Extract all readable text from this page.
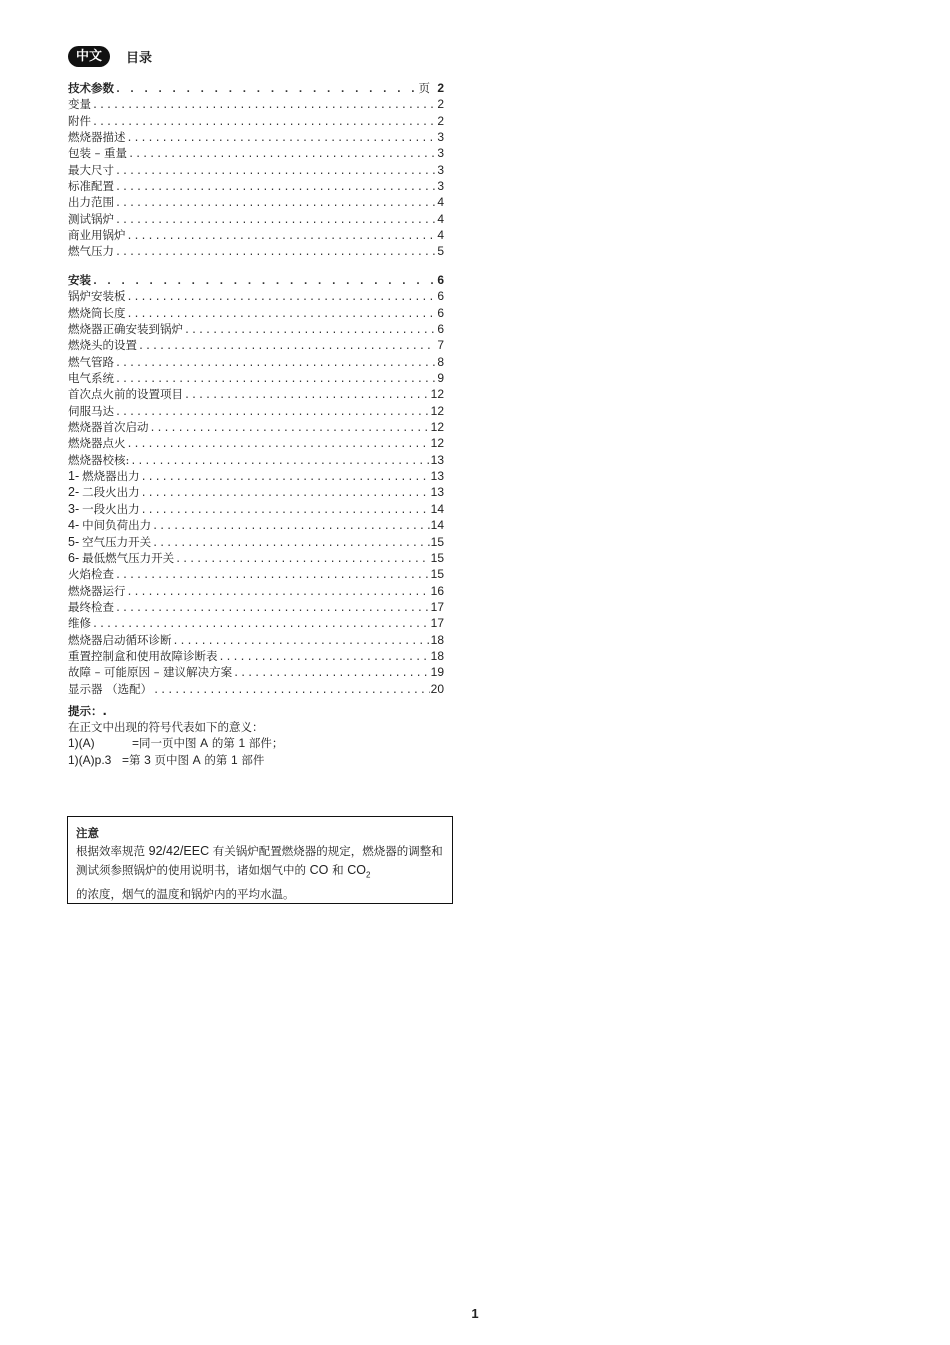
中文	目录
技术参数 . . .	页 2
变量 .....	2
附件 .....	2
燃烧器描述 .....	3
包装 – 重量 .....	3
最大尺寸 .....	3
标准配置 .....	3
出力范围 .....	4
测试锅炉 .....	4
商业用锅炉 .....	4
燃气压力 .....	5
安装 . . .	6
锅炉安装板 .....	6
燃烧筒长度 .....	6
燃烧器正确安装到锅炉 .....	6
燃烧头的设置 .....	7
燃气管路 .....	8
电气系统 .....	9
首次点火前的设置项目 .....	12
伺服马达 .....	12
燃烧器首次启动 .....	12
燃烧器点火 .....	12
燃烧器校核: .....	13
1- 燃烧器出力 .....	13
2- 二段火出力 .....	13
3- 一段火出力 .....	14
4- 中间负荷出力 .....	14
5- 空气压力开关 .....	15
6- 最低燃气压力开关 .....	15
火焰检查 .....	15
燃烧器运行 .....	16
最终检查 .....	17
维修 .....	17
燃烧器启动循环诊断 .....	18
重置控制盒和使用故障诊断表 .....	18
故障 – 可能原因 – 建议解决方案 .....	19
显示器 （选配） .....	20
提示：.
在正文中出现的符号代表如下的意义：
1)(A)	=同一页中图 A 的第 1 部件；
1)(A)p.3 =第 3 页中图 A 的第 1 部件
注意
根据效率规范 92/42/EEC 有关锅炉配置燃烧器的规定，燃烧器的调整和测试须参照锅炉的使用说明书，诸如烟气中的 CO 和 $CO_2$
的浓度，烟气的温度和锅炉内的平均水温。
1
